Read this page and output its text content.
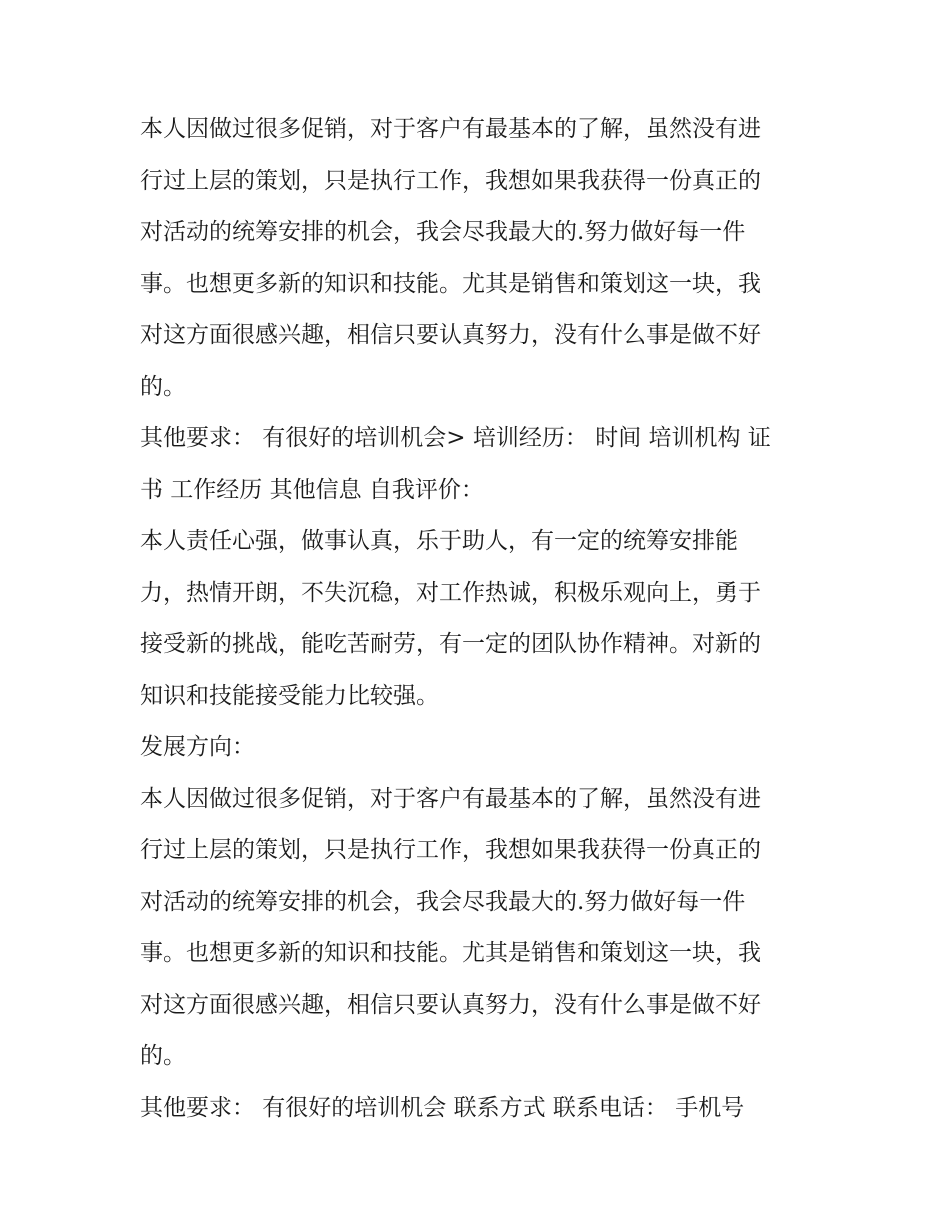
本人因做过很多促销，对于客户有最基本的了解，虽然没有进
行过上层的策划，只是执行工作，我想如果我获得一份真正的
对活动的统筹安排的机会，我会尽我最大的.努力做好每一件
事。也想更多新的知识和技能。尤其是销售和策划这一块，我
对这方面很感兴趣，相信只要认真努力，没有什么事是做不好
的。
其他要求： 有很好的培训机会> 培训经历： 时间 培训机构 证
书 工作经历 其他信息 自我评价：
本人责任心强，做事认真，乐于助人，有一定的统筹安排能
力，热情开朗，不失沉稳，对工作热诚，积极乐观向上，勇于
接受新的挑战，能吃苦耐劳，有一定的团队协作精神。对新的
知识和技能接受能力比较强。
发展方向：
本人因做过很多促销，对于客户有最基本的了解，虽然没有进
行过上层的策划，只是执行工作，我想如果我获得一份真正的
对活动的统筹安排的机会，我会尽我最大的.努力做好每一件
事。也想更多新的知识和技能。尤其是销售和策划这一块，我
对这方面很感兴趣，相信只要认真努力，没有什么事是做不好
的。
其他要求： 有很好的培训机会 联系方式 联系电话： 手机号
